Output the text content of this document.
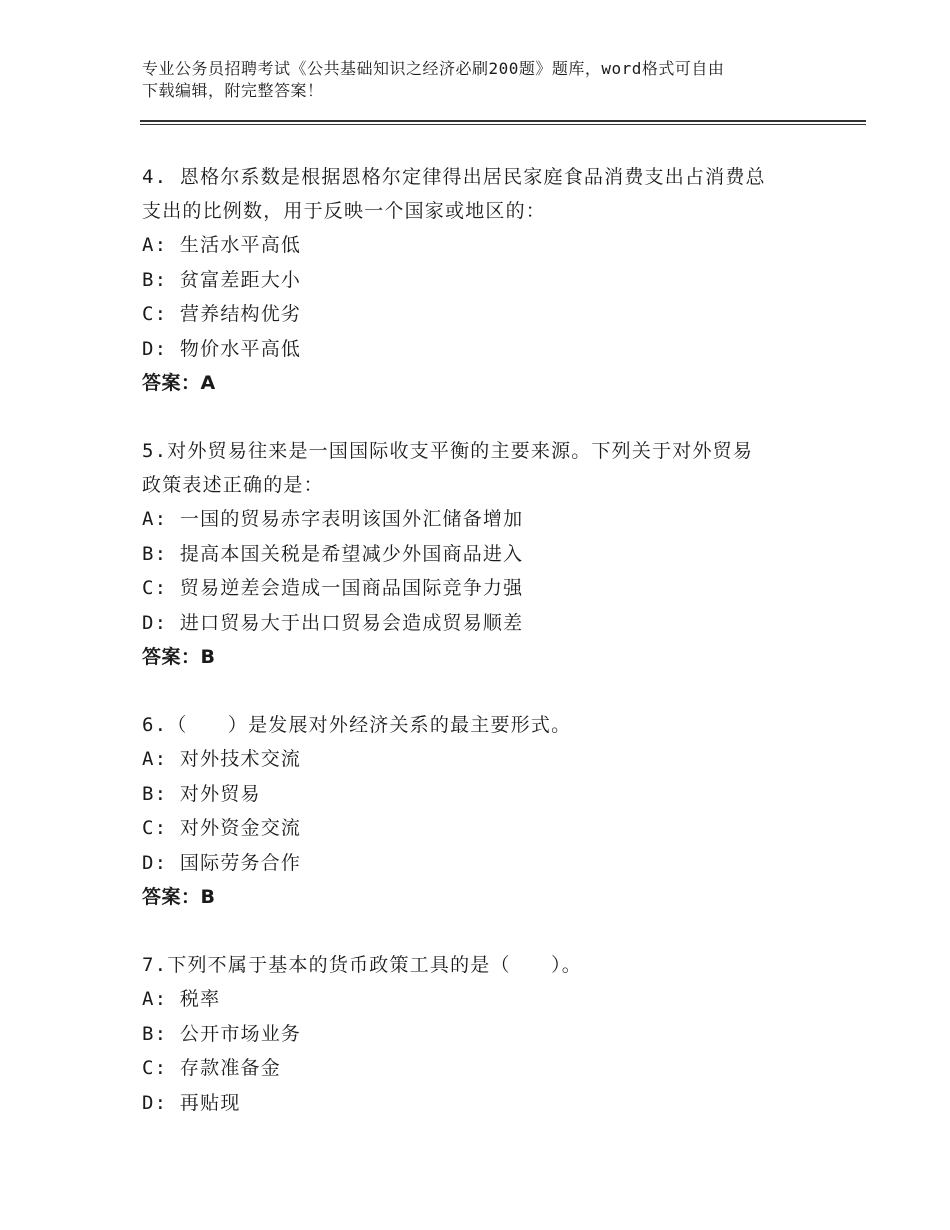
专业公务员招聘考试《公共基础知识之经济必刷200题》题库，word格式可自由
下载编辑，附完整答案！
4. 恩格尔系数是根据恩格尔定律得出居民家庭食品消费支出占消费总
支出的比例数，用于反映一个国家或地区的：
A: 生活水平高低
B: 贫富差距大小
C: 营养结构优劣
D: 物价水平高低
答案：A
5.对外贸易往来是一国国际收支平衡的主要来源。下列关于对外贸易
政策表述正确的是：
A: 一国的贸易赤字表明该国外汇储备增加
B: 提高本国关税是希望减少外国商品进入
C: 贸易逆差会造成一国商品国际竞争力强
D: 进口贸易大于出口贸易会造成贸易顺差
答案：B
6.（　　）是发展对外经济关系的最主要形式。
A: 对外技术交流
B: 对外贸易
C: 对外资金交流
D: 国际劳务合作
答案：B
7.下列不属于基本的货币政策工具的是（　　）。
A: 税率
B: 公开市场业务
C: 存款准备金
D: 再贴现
